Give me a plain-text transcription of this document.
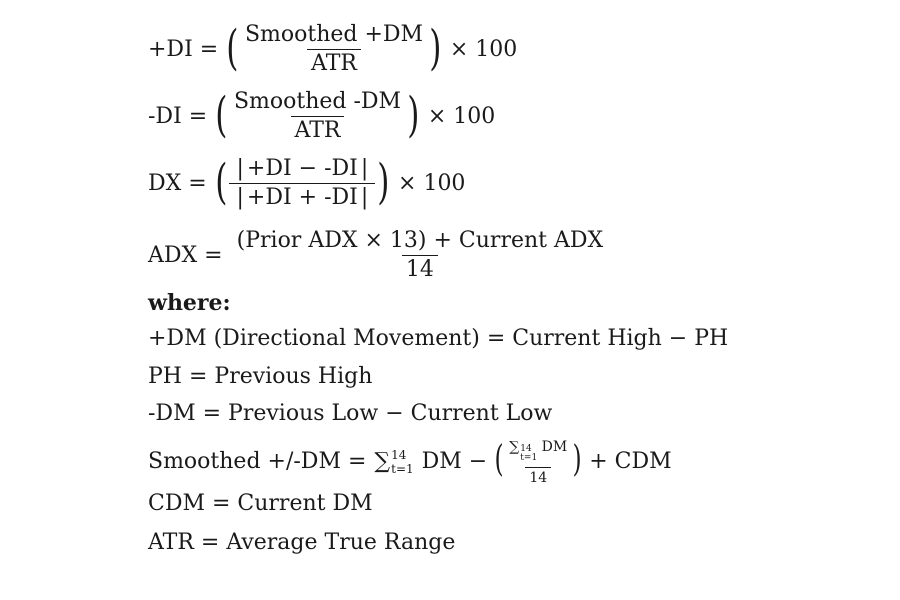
+DI = ( $\frac{\text{Smoothed +DM}}{\text{ATR}}$ ) × 100
-DI = ( $\frac{\text{Smoothed -DM}}{\text{ATR}}$ ) × 100
DX = ( $\frac{| +DI - -DI |}{| +DI + -DI |}$ ) × 100
ADX = $\frac{\text{(Prior ADX × 13) + Current ADX}}{14}$
where:
+DM (Directional Movement) = Current High − PH
PH = Previous High
-DM = Previous Low − Current Low
Smoothed +/-DM = ∑ 14
t=1 DM − ( ∑ 14
t=1
DM
14 ) + CDM
CDM = Current DM
ATR = Average True Range
